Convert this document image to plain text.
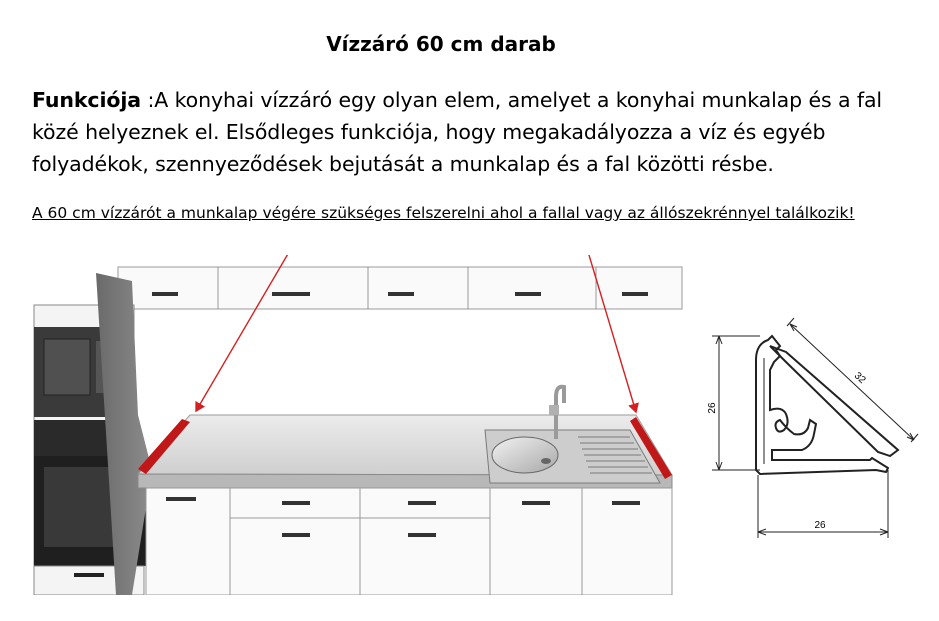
Vízzáró 60 cm darab
Funkciója :A konyhai vízzáró egy olyan elem, amelyet a konyhai munkalap és a fal közé helyeznek el. Elsődleges funkciója, hogy megakadályozza a víz és egyéb folyadékok, szennyeződések bejutását a munkalap és a fal közötti résbe.
A 60 cm vízzárót a munkalap végére szükséges felszerelni ahol a fallal vagy az állószekrénnyel találkozik!
26
32
26
